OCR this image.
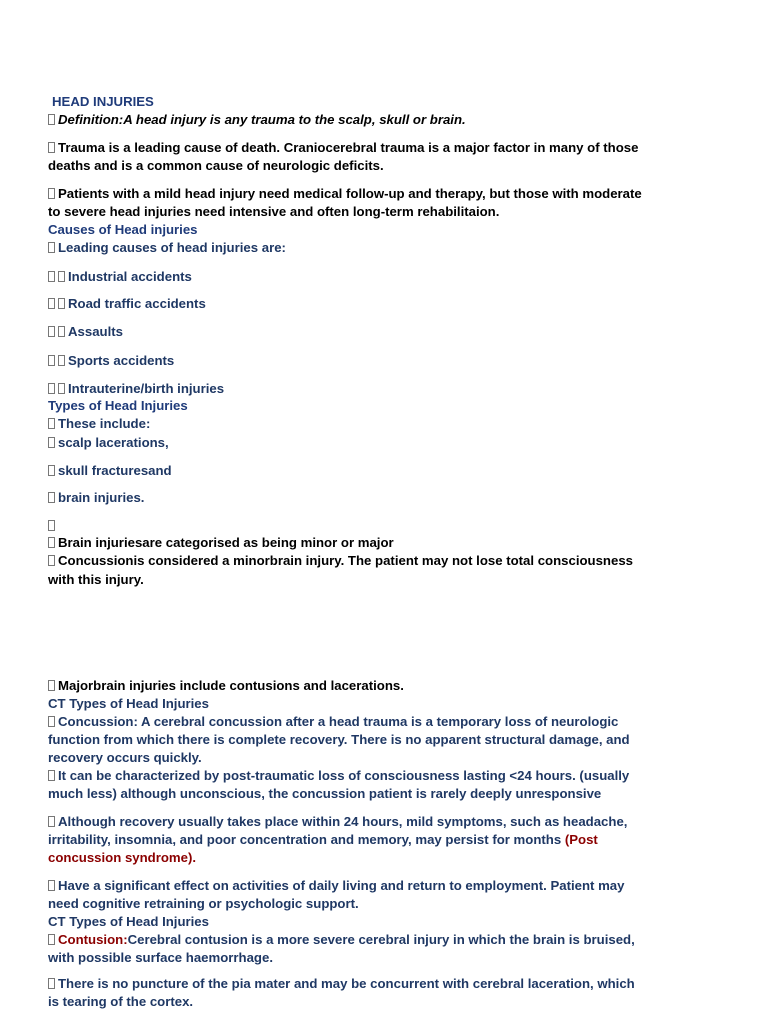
HEAD INJURIES
Definition:A head injury is any trauma to the scalp, skull or brain.
Trauma is a leading cause of death. Craniocerebral trauma is a major factor in many of those
deaths and is a common cause of neurologic deficits.
Patients with a mild head injury need medical follow-up and therapy, but those with moderate
to severe head injuries need intensive and often long-term rehabilitaion.
Causes of Head injuries
Leading causes of head injuries are:
Industrial accidents
Road traffic accidents
Assaults
Sports accidents
Intrauterine/birth injuries
Types of Head Injuries
These include:
scalp lacerations,
skull fracturesand
brain injuries.
Brain injuriesare categorised as being minor or major
Concussionis considered a minorbrain injury. The patient may not lose total consciousness
with this injury.
Majorbrain injuries include contusions and lacerations.
CT Types of Head Injuries
Concussion: A cerebral concussion after a head trauma is a temporary loss of neurologic
function from which there is complete recovery. There is no apparent structural damage, and
recovery occurs quickly.
It can be characterized by post-traumatic loss of consciousness lasting <24 hours. (usually
much less) although unconscious, the concussion patient is rarely deeply unresponsive
Although recovery usually takes place within 24 hours, mild symptoms, such as headache,
irritability, insomnia, and poor concentration and memory, may persist for months (Post
concussion syndrome).
Have a significant effect on activities of daily living and return to employment. Patient may
need cognitive retraining or psychologic support.
CT Types of Head Injuries
Contusion:Cerebral contusion is a more severe cerebral injury in which the brain is bruised,
with possible surface haemorrhage.
There is no puncture of the pia mater and may be concurrent with cerebral laceration, which
is tearing of the cortex.
